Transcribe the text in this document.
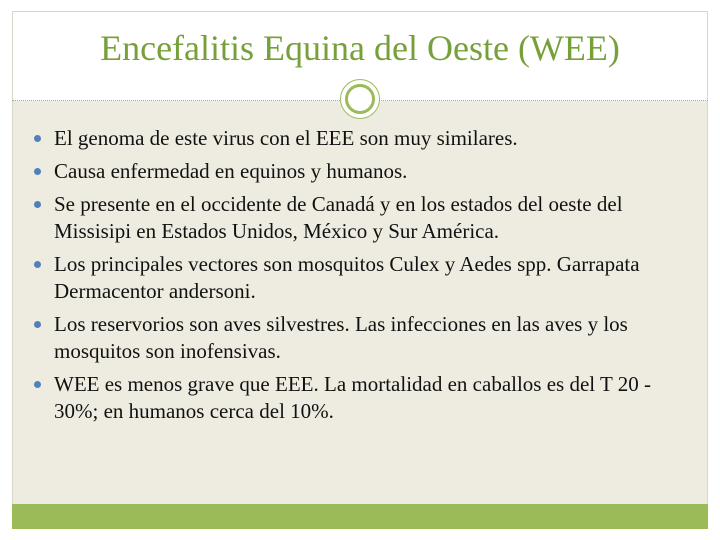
Encefalitis Equina del Oeste (WEE)
El genoma de este virus con el EEE son muy similares.
Causa enfermedad en equinos y humanos.
Se presente en el occidente de Canadá y en los estados del oeste del Missisipi en Estados Unidos, México y Sur América.
Los principales vectores son mosquitos Culex y Aedes spp. Garrapata Dermacentor andersoni.
Los reservorios son aves silvestres. Las infecciones en las aves y los mosquitos son inofensivas.
WEE es menos grave que EEE. La mortalidad en caballos es del T 20 - 30%; en humanos cerca del 10%.
